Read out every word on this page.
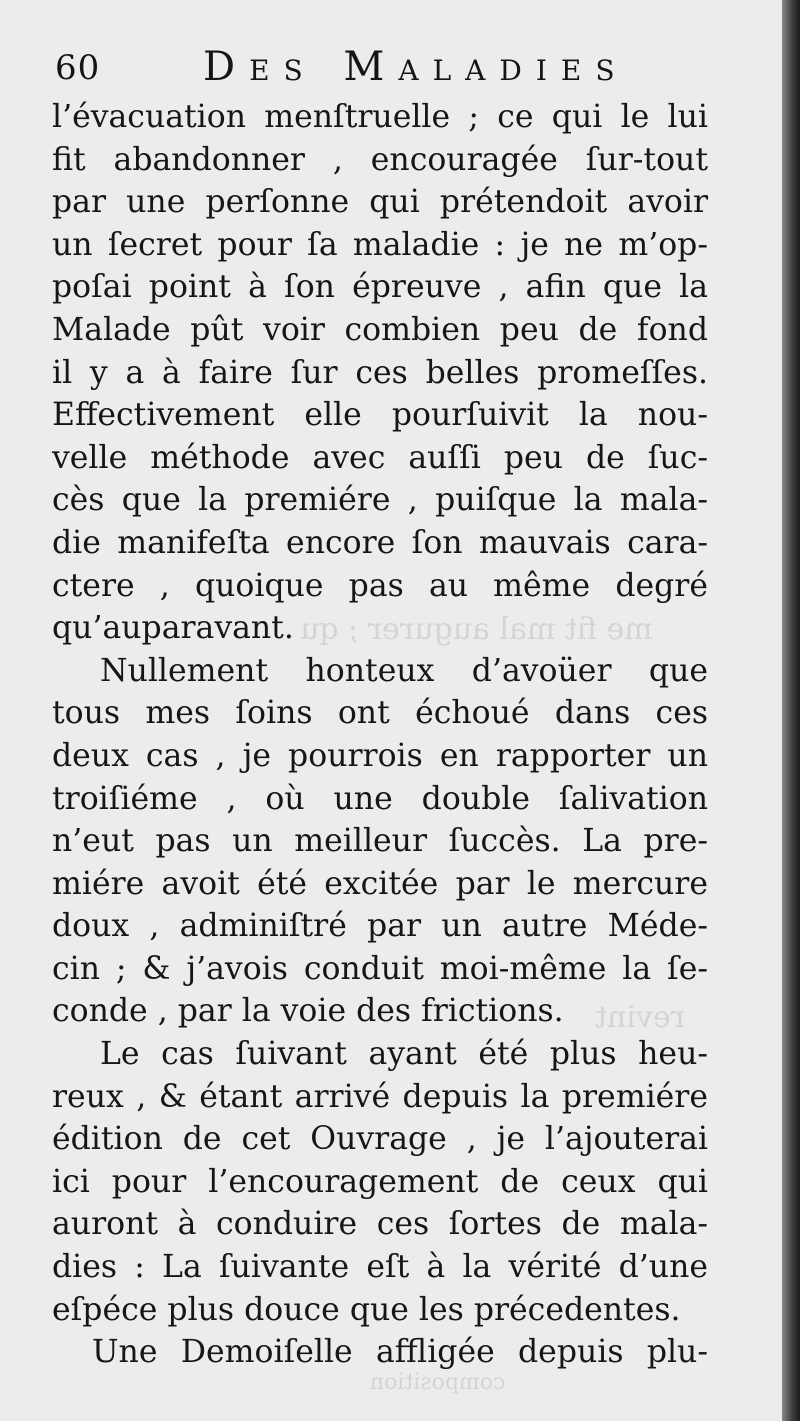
60	Des Maladies
l’évacuation menſtruelle ; ce qui le lui
fit abandonner , encouragée ſur-tout
par une perſonne qui prétendoit avoir
un ſecret pour ſa maladie : je ne m’op-
poſai point à ſon épreuve , afin que la
Malade pût voir combien peu de fond
il y a à faire ſur ces belles promeſſes.
Effectivement elle pourſuivit la nou-
velle méthode avec auſſi peu de ſuc-
cès que la premiére , puiſque la mala-
die manifeſta encore ſon mauvais cara-
ctere , quoique pas au même degré
qu’auparavant.
Nullement honteux d’avoüer que
tous mes ſoins ont échoué dans ces
deux cas , je pourrois en rapporter un
troiſiéme , où une double ſalivation
n’eut pas un meilleur ſuccès. La pre-
miére avoit été excitée par le mercure
doux , adminiſtré par un autre Méde-
cin ; & j’avois conduit moi-même la ſe-
conde , par la voie des frictions.
Le cas ſuivant ayant été plus heu-
reux , & étant arrivé depuis la premiére
édition de cet Ouvrage , je l’ajouterai
ici pour l’encouragement de ceux qui
auront à conduire ces ſortes de mala-
dies : La ſuivante eſt à la vérité d’une
eſpéce plus douce que les précedentes.
Une Demoiſelle affligée depuis plu-
me fit mal augurer ; qu
revint
composition
